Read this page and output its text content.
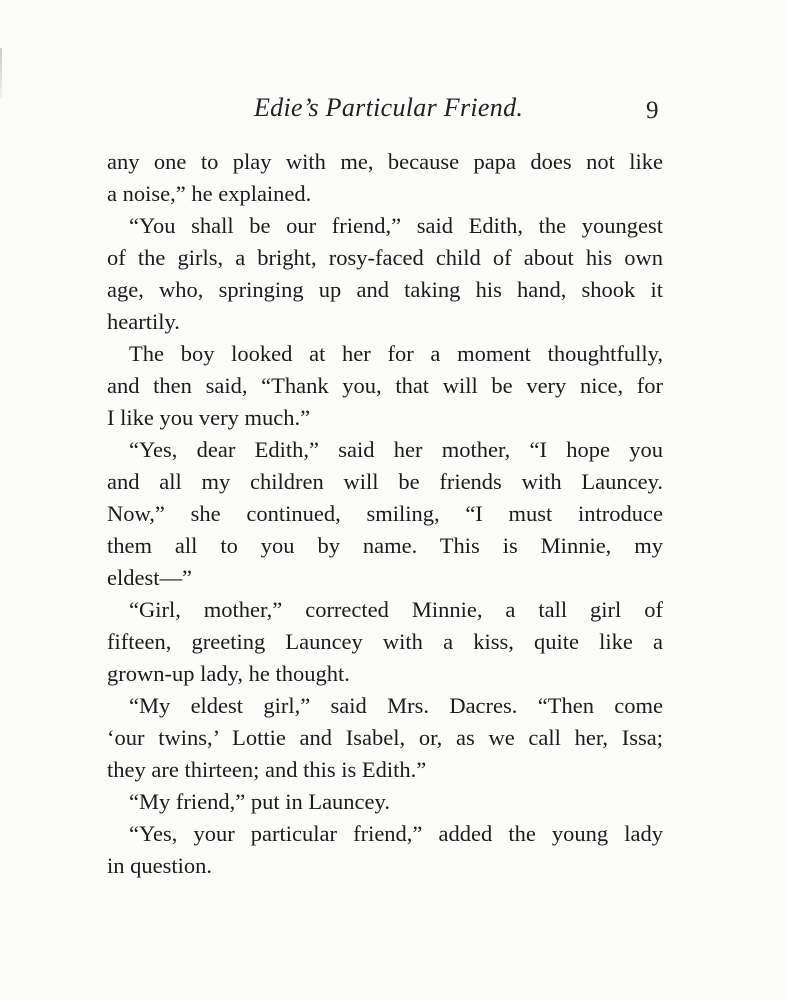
Edie’s Particular Friend.	9
any one to play with me, because papa does not like
a noise,” he explained.
“You shall be our friend,” said Edith, the youngest
of the girls, a bright, rosy-faced child of about his own
age, who, springing up and taking his hand, shook it
heartily.
The boy looked at her for a moment thoughtfully,
and then said, “Thank you, that will be very nice, for
I like you very much.”
“Yes, dear Edith,” said her mother, “I hope you
and all my children will be friends with Launcey.
Now,” she continued, smiling, “I must introduce
them all to you by name. This is Minnie, my
eldest—”
“Girl, mother,” corrected Minnie, a tall girl of
fifteen, greeting Launcey with a kiss, quite like a
grown-up lady, he thought.
“My eldest girl,” said Mrs. Dacres. “Then come
‘our twins,’ Lottie and Isabel, or, as we call her, Issa;
they are thirteen; and this is Edith.”
“My friend,” put in Launcey.
“Yes, your particular friend,” added the young lady
in question.
